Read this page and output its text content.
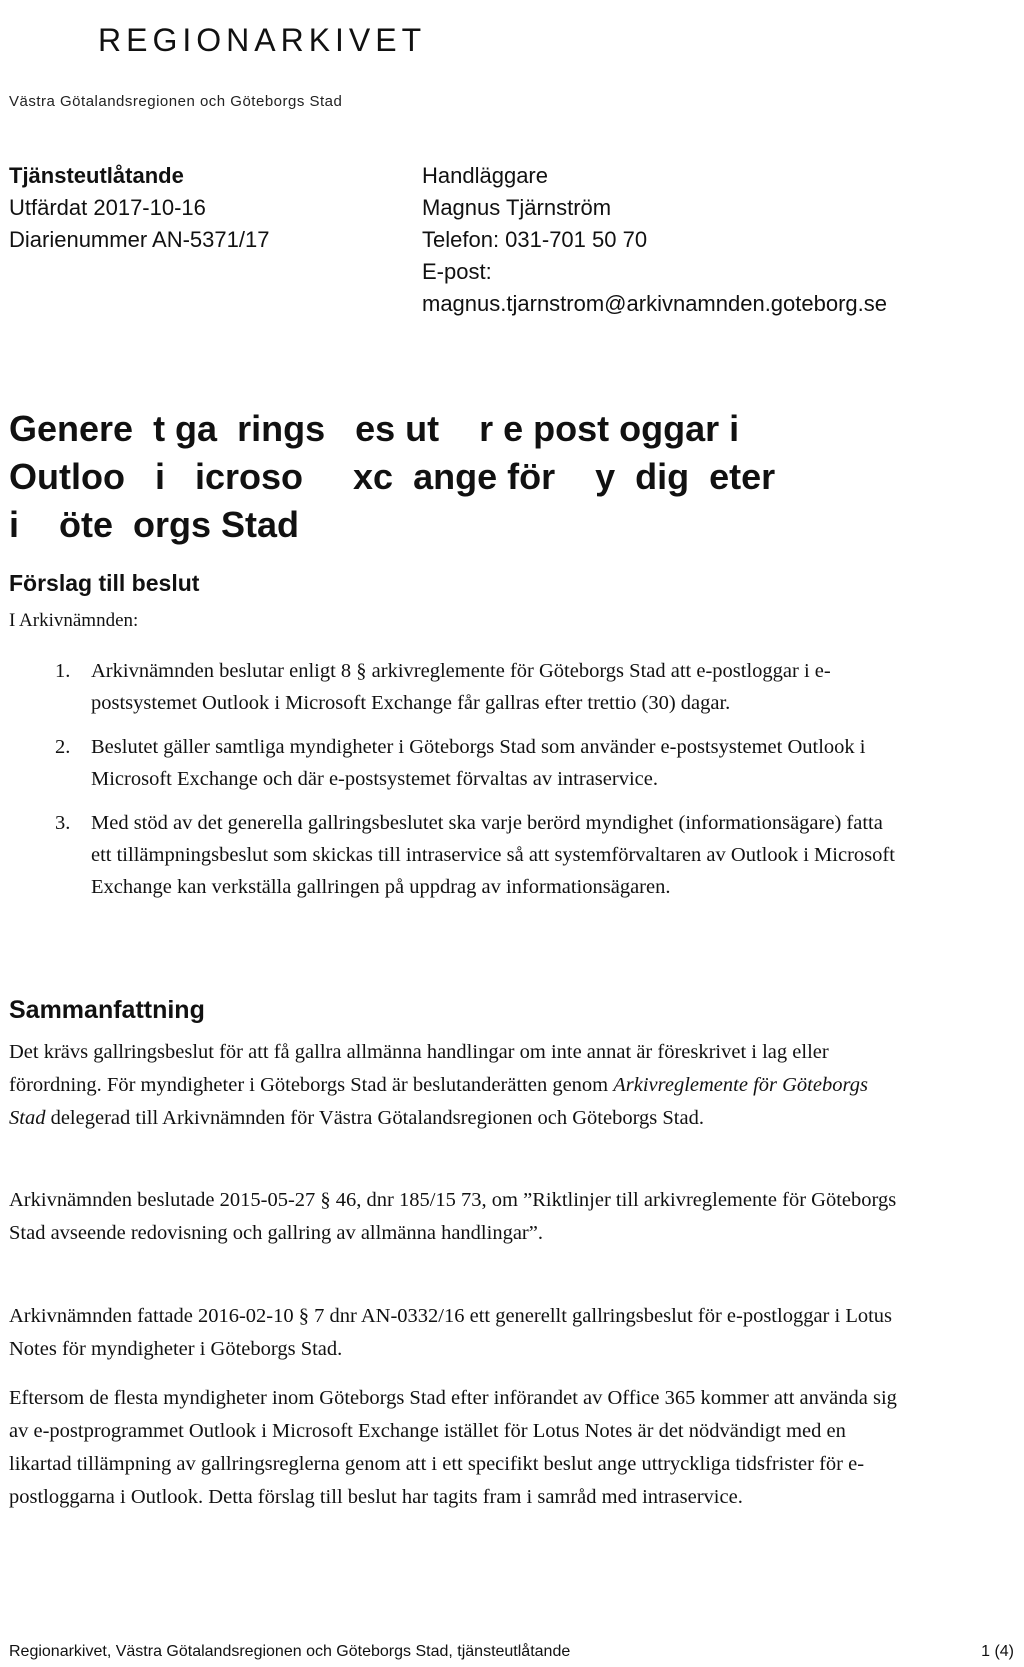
REGIONARKIVET
Västra Götalandsregionen och Göteborgs Stad
Tjänsteutlåtande
Utfärdat 2017-10-16
Diarienummer AN-5371/17
Handläggare
Magnus Tjärnström
Telefon: 031-701 50 70
E-post:
magnus.tjarnstrom@arkivnamnden.goteborg.se
Genere  t ga  rings   es ut    r e post oggar i
Outloo   i   icroso     xc  ange för    y  dig  eter
i    öte  orgs Stad
Förslag till beslut
I Arkivnämnden:
1. Arkivnämnden beslutar enligt 8 § arkivreglemente för Göteborgs Stad att e-postloggar i e-postsystemet Outlook i Microsoft Exchange får gallras efter trettio (30) dagar.
2. Beslutet gäller samtliga myndigheter i Göteborgs Stad som använder e-postsystemet Outlook i Microsoft Exchange och där e-postsystemet förvaltas av intraservice.
3. Med stöd av det generella gallringsbeslutet ska varje berörd myndighet (informationsägare) fatta ett tillämpningsbeslut som skickas till intraservice så att systemförvaltaren av Outlook i Microsoft Exchange kan verkställa gallringen på uppdrag av informationsägaren.
Sammanfattning

Det krävs gallringsbeslut för att få gallra allmänna handlingar om inte annat är föreskrivet i lag eller förordning. För myndigheter i Göteborgs Stad är beslutanderätten genom Arkivreglemente för Göteborgs Stad delegerad till Arkivnämnden för Västra Götalandsregionen och Göteborgs Stad.

Arkivnämnden beslutade 2015-05-27 § 46, dnr 185/15 73, om ”Riktlinjer till arkivreglemente för Göteborgs Stad avseende redovisning och gallring av allmänna handlingar”.

Arkivnämnden fattade 2016-02-10 § 7 dnr AN-0332/16 ett generellt gallringsbeslut för e-postloggar i Lotus Notes för myndigheter i Göteborgs Stad.

Eftersom de flesta myndigheter inom Göteborgs Stad efter införandet av Office 365 kommer att använda sig av e-postprogrammet Outlook i Microsoft Exchange istället för Lotus Notes är det nödvändigt med en likartad tillämpning av gallringsreglerna genom att i ett specifikt beslut ange uttryckliga tidsfrister för e-postloggarna i Outlook. Detta förslag till beslut har tagits fram i samråd med intraservice.

Regionarkivet, Västra Götalandsregionen och Göteborgs Stad, tjänsteutlåtande	1 (4)
